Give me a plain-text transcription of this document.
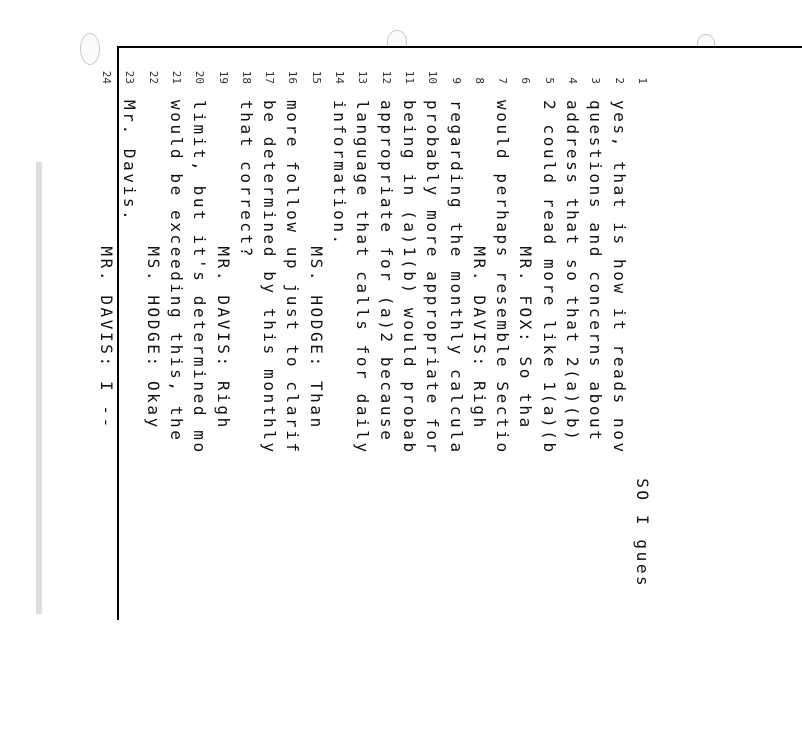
1
SO I gues
2
yes, that is how it reads nov
3
questions and concerns about
4
address that so that 2(a)(b)
5
2 could read more like 1(a)(b
6
MR. FOX: So tha
7
would perhaps resemble Sectio
8
MR. DAVIS: Righ
9
regarding the monthly calcula
10
probably more appropriate for
11
being in (a)1(b) would probab
12
appropriate for (a)2 because
13
language that calls for daily
14
information.
15
MS. HODGE: Than
16
more follow up just to clarif
17
be determined by this monthly
18
that correct?
19
MR. DAVIS: Righ
20
limit, but it's determined mo
21
would be exceeding this, the
22
MS. HODGE: Okay
23
Mr. Davis.
24
MR. DAVIS: I --
